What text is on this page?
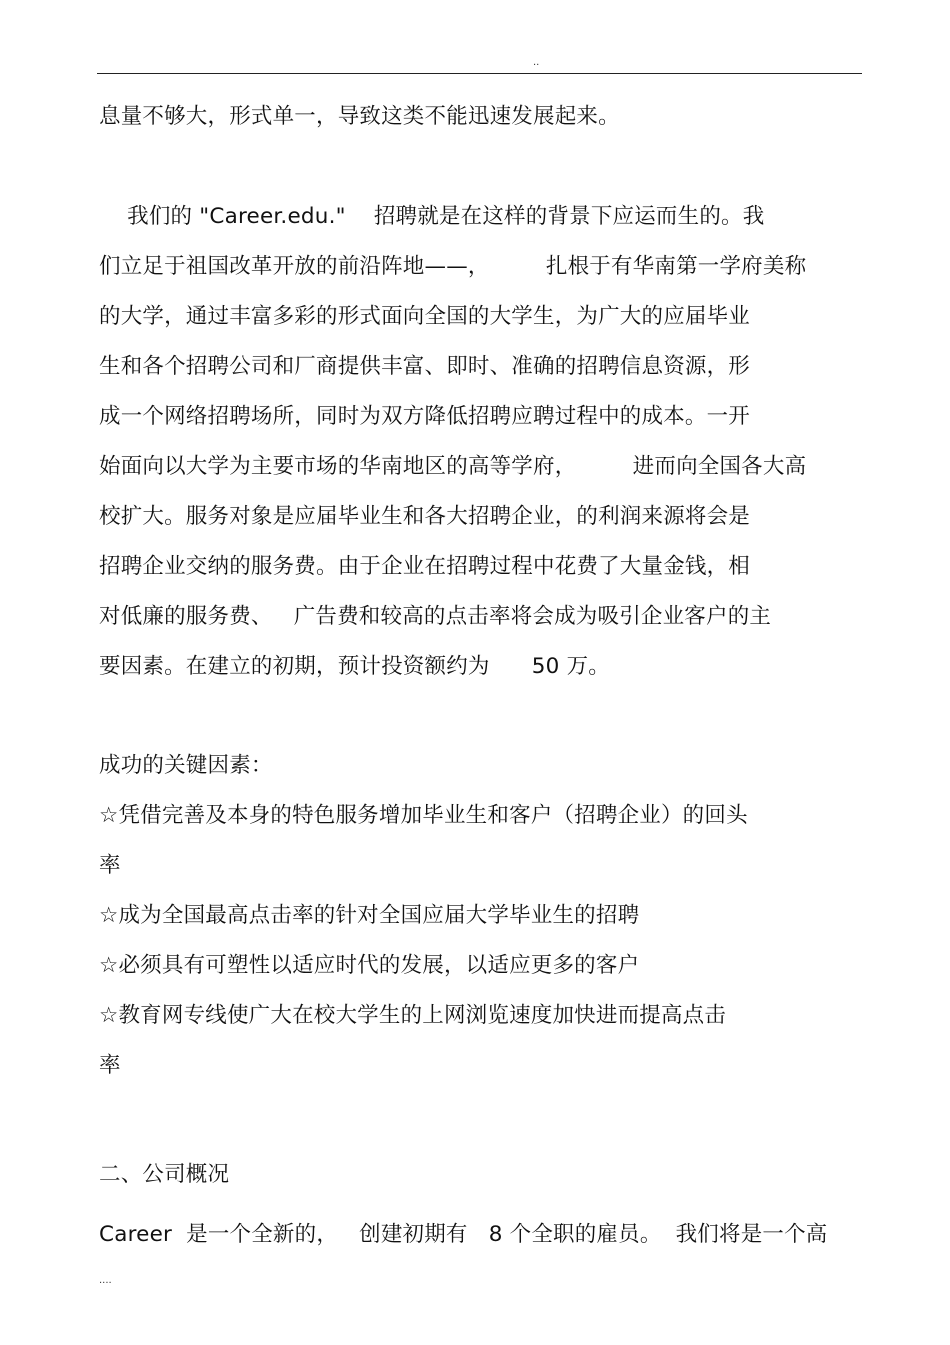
..
息量不够大，形式单一，导致这类不能迅速发展起来。
我们的 "Career.edu."    招聘就是在这样的背景下应运而生的。我
们立足于祖国改革开放的前沿阵地——，        扎根于有华南第一学府美称
的大学，通过丰富多彩的形式面向全国的大学生，为广大的应届毕业
生和各个招聘公司和厂商提供丰富、即时、准确的招聘信息资源，形
成一个网络招聘场所，同时为双方降低招聘应聘过程中的成本。一开
始面向以大学为主要市场的华南地区的高等学府，        进而向全国各大高
校扩大。服务对象是应届毕业生和各大招聘企业，的利润来源将会是
招聘企业交纳的服务费。由于企业在招聘过程中花费了大量金钱，相
对低廉的服务费、   广告费和较高的点击率将会成为吸引企业客户的主
要因素。在建立的初期，预计投资额约为      50 万。
成功的关键因素：
☆凭借完善及本身的特色服务增加毕业生和客户（招聘企业）的回头
率
☆成为全国最高点击率的针对全国应届大学毕业生的招聘
☆必须具有可塑性以适应时代的发展，以适应更多的客户
☆教育网专线使广大在校大学生的上网浏览速度加快进而提高点击
率
二、公司概况
Career  是一个全新的，   创建初期有   8 个全职的雇员。  我们将是一个高
....
